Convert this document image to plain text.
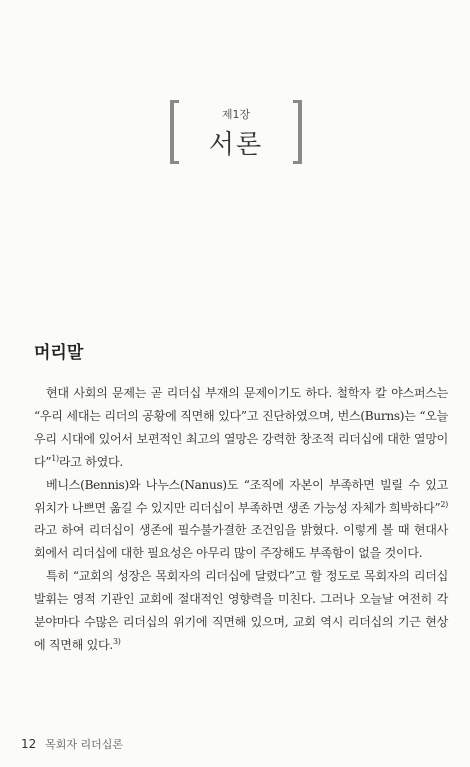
제1장
서론
머리말

현대 사회의 문제는 곧 리더십 부재의 문제이기도 하다. 철학자 칼 야스퍼스는 “우리 세대는 리더의 공황에 직면해 있다”고 진단하였으며, 번스(Burns)는 “오늘 우리 시대에 있어서 보편적인 최고의 열망은 강력한 창조적 리더십에 대한 열망이다”$^{1)}$라고 하였다.

베니스(Bennis)와 나누스(Nanus)도 “조직에 자본이 부족하면 빌릴 수 있고 위치가 나쁘면 옮길 수 있지만 리더십이 부족하면 생존 가능성 자체가 희박하다”$^{2)}$ 라고 하여 리더십이 생존에 필수불가결한 조건임을 밝혔다. 이렇게 볼 때 현대사회에서 리더십에 대한 필요성은 아무리 많이 주장해도 부족함이 없을 것이다.

특히 “교회의 성장은 목회자의 리더십에 달렸다”고 할 정도로 목회자의 리더십 발휘는 영적 기관인 교회에 절대적인 영향력을 미친다. 그러나 오늘날 여전히 각 분야마다 수많은 리더십의 위기에 직면해 있으며, 교회 역시 리더십의 기근 현상에 직면해 있다.$^{3)}$

12 목회자 리더십론
